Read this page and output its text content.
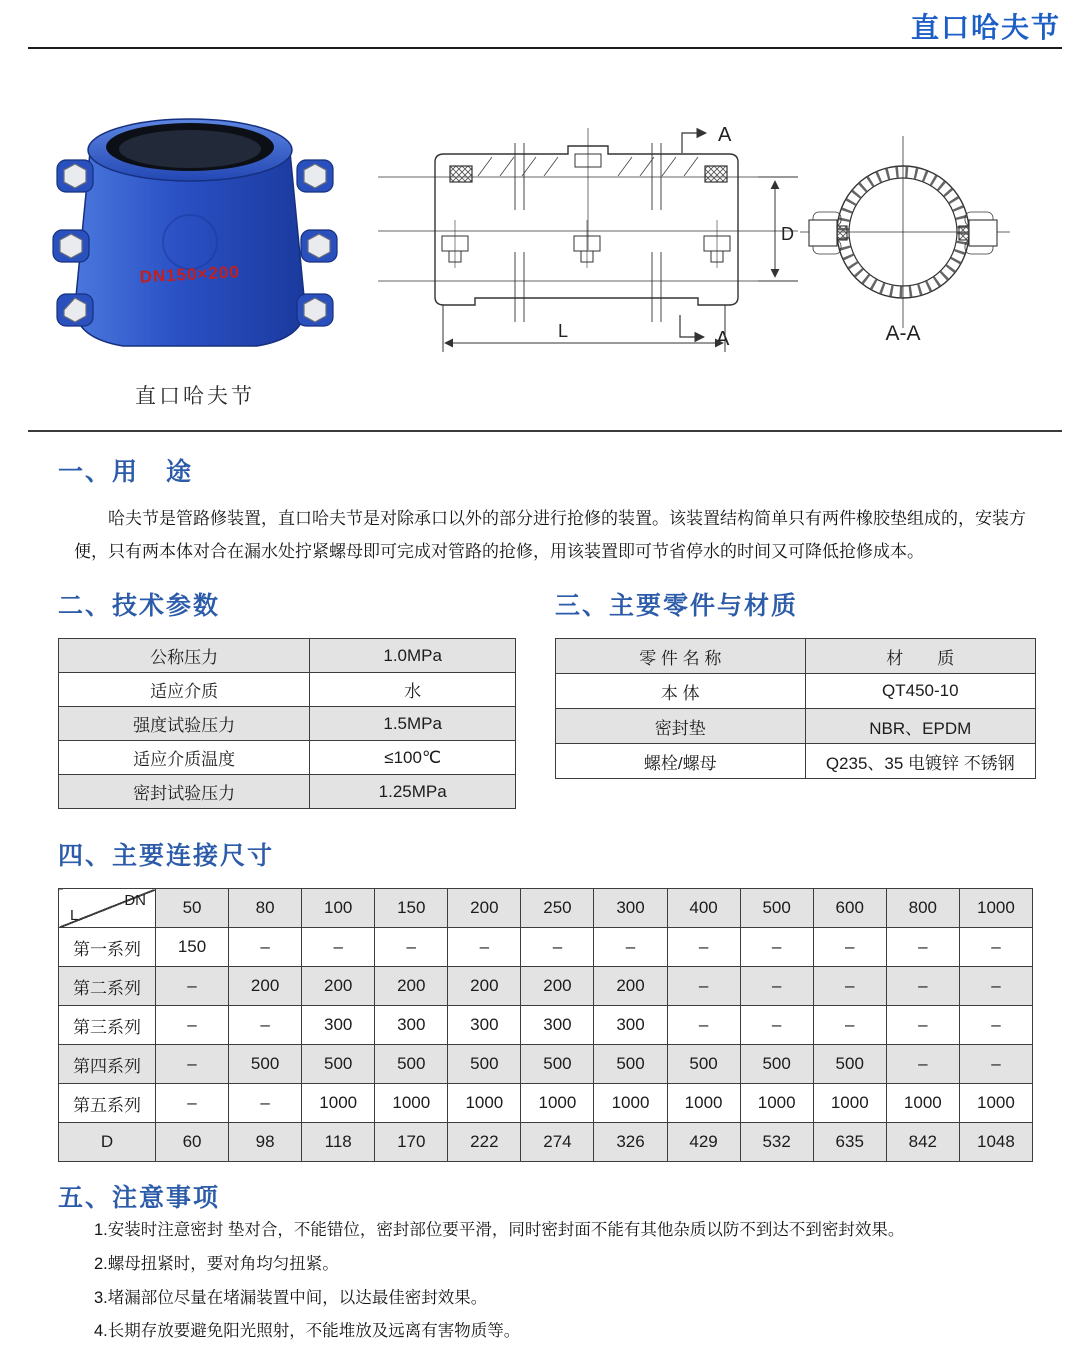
直口哈夫节
DN150×200
直口哈夫节
A
A
L
D
A-A
一、用　途

哈夫节是管路修装置，直口哈夫节是对除承口以外的部分进行抢修的装置。该装置结构简单只有两件橡胶垫组成的，安装方便，只有两本体对合在漏水处拧紧螺母即可完成对管路的抢修，用该装置即可节省停水的时间又可降低抢修成本。

二、技术参数
公称压力	1.0MPa
适应介质	水
强度试验压力	1.5MPa
适应介质温度	≤100℃
密封试验压力	1.25MPa
三、主要零件与材质
零 件 名 称	材　　质
本 体	QT450-10
密封垫	NBR、EPDM
螺栓/螺母	Q235、35 电镀锌 不锈钢
四、主要连接尺寸
DN
L	50	80	100	150	200	250	300	400	500	600	800	1000
第一系列	150	–	–	–	–	–	–	–	–	–	–	–
第二系列	–	200	200	200	200	200	200	–	–	–	–	–
第三系列	–	–	300	300	300	300	300	–	–	–	–	–
第四系列	–	500	500	500	500	500	500	500	500	500	–	–
第五系列	–	–	1000	1000	1000	1000	1000	1000	1000	1000	1000	1000
D	60	98	118	170	222	274	326	429	532	635	842	1048
五、注意事项
1.安装时注意密封 垫对合，不能错位，密封部位要平滑，同时密封面不能有其他杂质以防不到达不到密封效果。
2.螺母扭紧时，要对角均匀扭紧。
3.堵漏部位尽量在堵漏装置中间，以达最佳密封效果。
4.长期存放要避免阳光照射，不能堆放及远离有害物质等。
